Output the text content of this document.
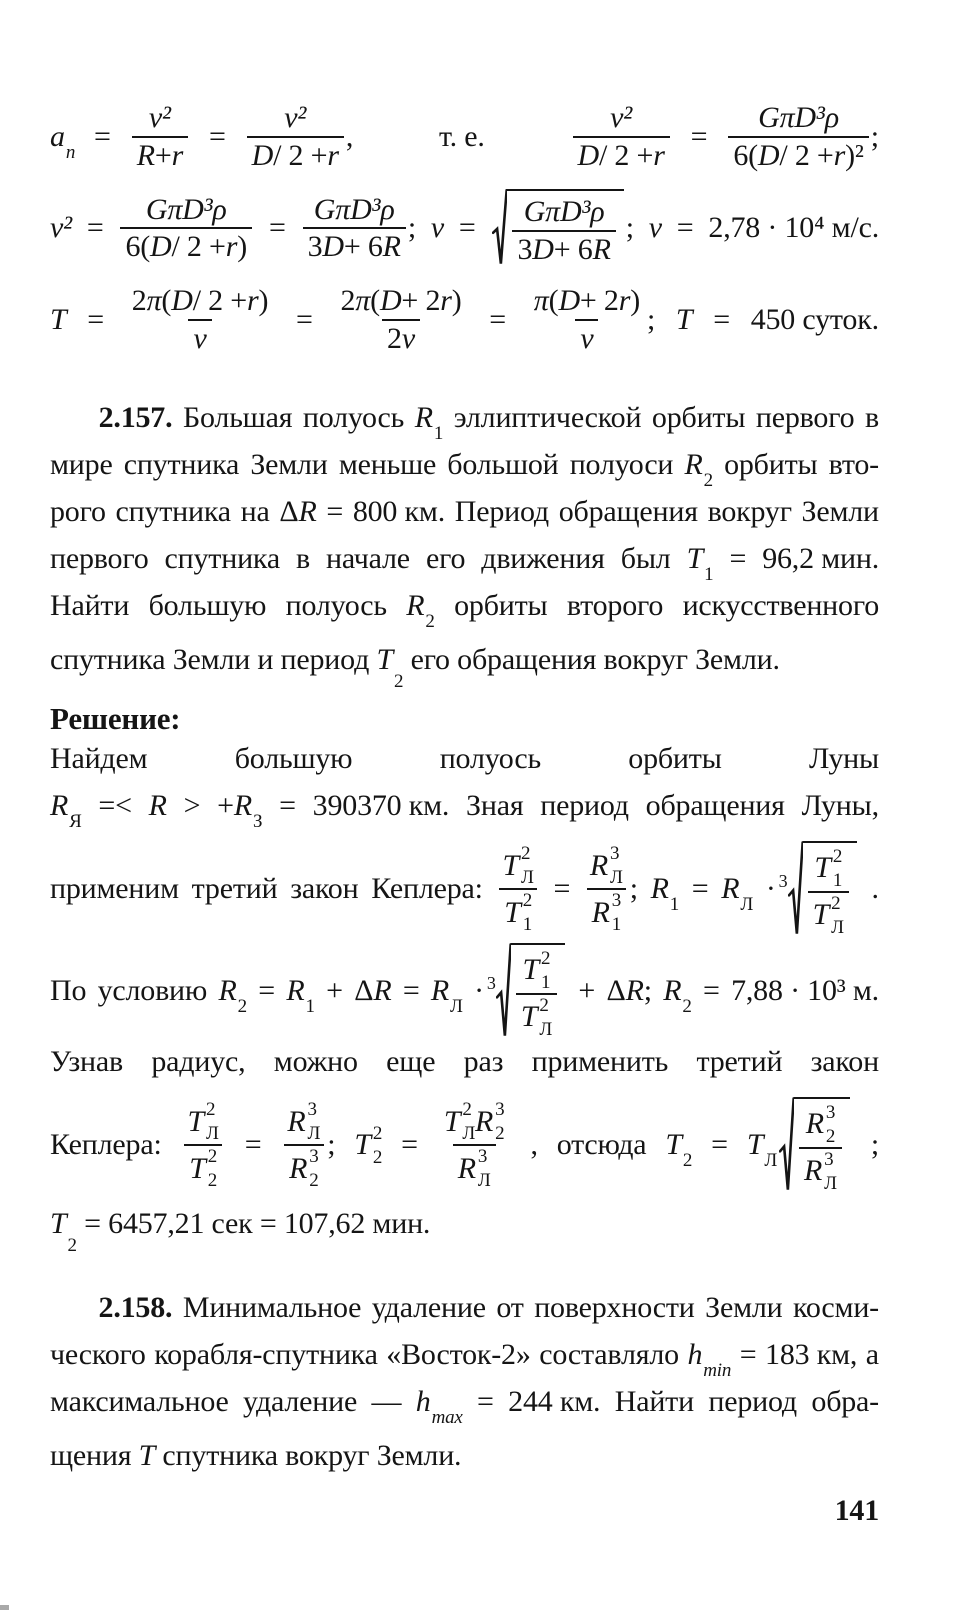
a $n = \frac{\text{v²}}{R + r} = \frac{\text{v²}}{D / 2 + r}$ ,	т. е.	$\frac{\text{v²}}{D / 2 + r} = \frac{\text{GπD³ρ}}{\text{6( D / 2 + r )²}}$ ;
$v^2 = \frac{\text{GπD³ρ}}{6( D / 2 + r )} = \frac{\text{GπD³ρ}}{3 D + 6 R}$ ; $v = \frac{\text{GπD³ρ}}{3 D + 6 R}$ ; v = 2,78 · 10⁴ м/с.
$T = \frac{2 \pi ( D / 2 + r )}{v} = \frac{2 \pi ( D + 2 r )}{2 v} = \frac{\pi ( D + 2 r )}{v}$ ; T = 450 суток.
2.157. Большая полуось R 1 эллиптической орбиты первого в
мире спутника Земли меньше большой полуоси R 2 орбиты вто-
рого спутника на Δ R = 800 км. Период обращения вокруг Земли
первого спутника в начале его движения был T 1 = 96,2 мин.
Найти большую полуось R 2 орбиты второго искусственного
спутника Земли и период T
2
его обращения вокруг Земли.
Решение:
Найдем	большую	полуось	орбиты	Луны
R Я =< R > + R З = 390370 км. Зная период обращения Луны,
применим третий закон Кеплера: T 2
Л
T 2
1 = R 3
Л
R 3
1 ; R 1 = R Л · 3 T 2
1
T 2
Л .
По условию R 2 = R 1 + Δ R = R Л · 3 T 2
1
T 2
Л + Δ R ; R 2 = 7,88 · 10³ м.
Узнав радиус, можно еще раз применить третий закон
Кеплера: T 2
Л
T 2
2 = R 3
Л
R 3
2 ; T 2
2 = T 2
Л R 3
2
R 3
Л , отсюда T 2 = T Л R 3
2
R 3
Л ;
T
2
= 6457,21 сек = 107,62 мин.
2.158. Минимальное удаление от поверхности Земли косми-
ческого корабля-спутника «Восток-2» составляло h min = 183 км, а
максимальное удаление — h max = 244 км. Найти период обра-
щения T спутника вокруг Земли.
141
